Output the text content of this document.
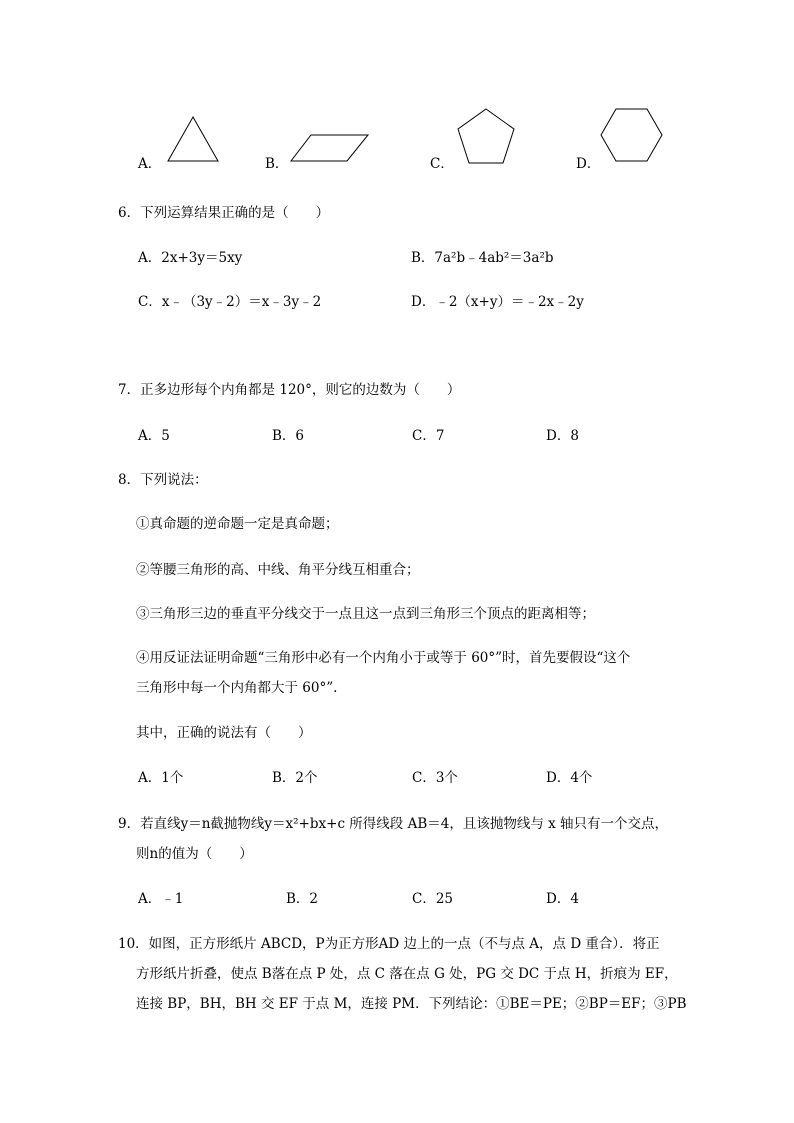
A．	B．	C．	D．
6．下列运算结果正确的是（　　）
A．2x+3y＝5xy	B．7a²b﹣4ab²＝3a²b
C．x﹣（3y﹣2）＝x﹣3y﹣2	D．﹣2（x+y）＝﹣2x﹣2y
7．正多边形每个内角都是 120°，则它的边数为（　　）
A．5	B．6	C．7	D．8
8．下列说法：
①真命题的逆命题一定是真命题；
②等腰三角形的高、中线、角平分线互相重合；
③三角形三边的垂直平分线交于一点且这一点到三角形三个顶点的距离相等；
④用反证法证明命题“三角形中必有一个内角小于或等于 60°”时，首先要假设“这个
三角形中每一个内角都大于 60°”.
其中，正确的说法有（　　）
A．1个	B．2个	C．3个	D．4个
9．若直线y＝n截抛物线y＝x²+bx+c 所得线段 AB＝4，且该抛物线与 x 轴只有一个交点，
则n的值为（　　）
A．﹣1	B．2	C．25	D．4
10．如图，正方形纸片 ABCD，P为正方形AD 边上的一点（不与点 A，点 D 重合）．将正
方形纸片折叠，使点 B落在点 P 处，点 C 落在点 G 处，PG 交 DC 于点 H，折痕为 EF，
连接 BP，BH，BH 交 EF 于点 M，连接 PM．下列结论：①BE＝PE；②BP＝EF；③PB
